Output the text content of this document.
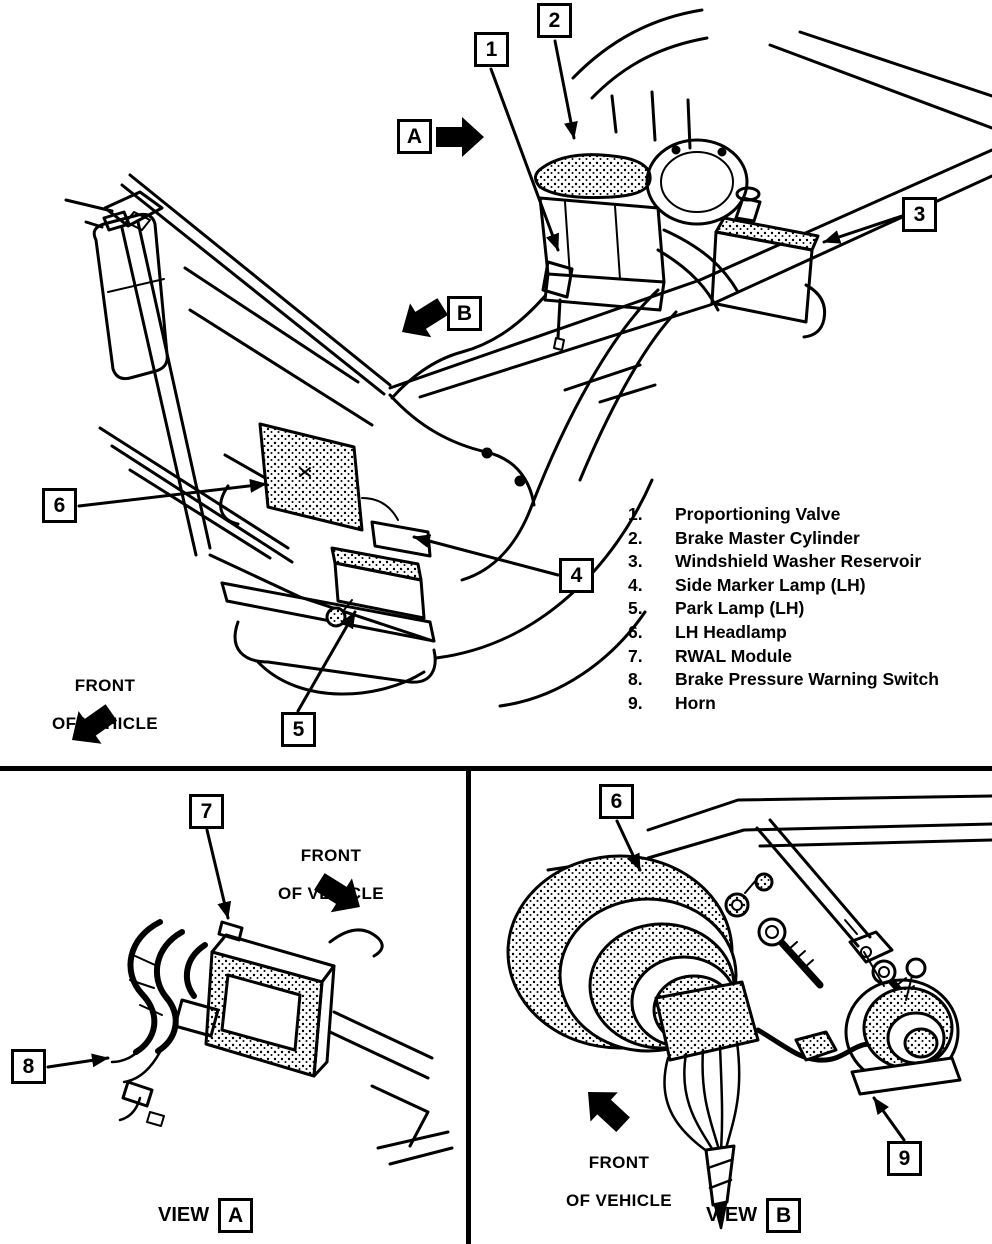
1
2
3
4
5
6
A
B
7
8
6
9

FRONT

OF VEHICLE

FRONT

OF VEHICLE

FRONT

OF VEHICLE

1.	Proportioning Valve
2.	Brake Master Cylinder
3.	Windshield Washer Reservoir
4.	Side Marker Lamp (LH)
5.	Park Lamp (LH)
6.	LH Headlamp
7.	RWAL Module
8.	Brake Pressure Warning Switch
9.	Horn
VIEW A	VIEW B
